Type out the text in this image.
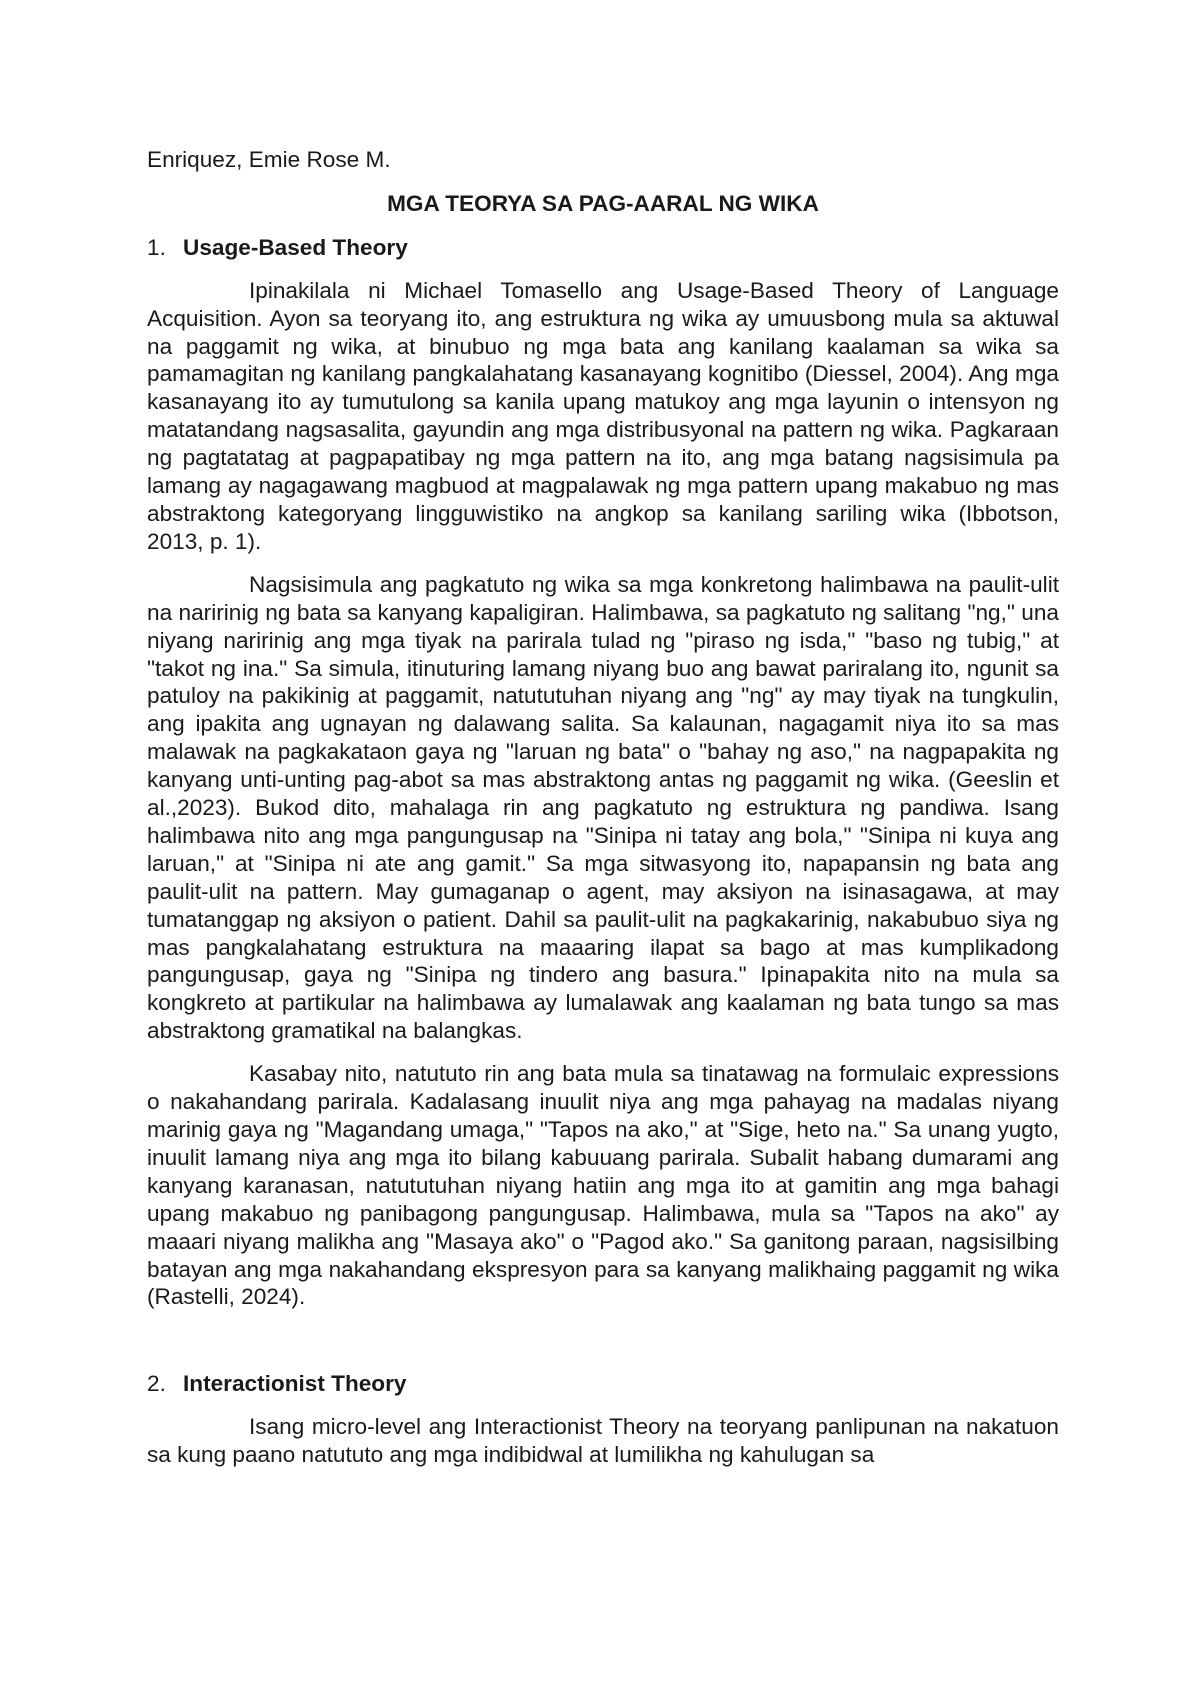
Enriquez, Emie Rose M.

MGA TEORYA SA PAG-AARAL NG WIKA

1. Usage-Based Theory

Ipinakilala ni Michael Tomasello ang Usage-Based Theory of Language Acquisition. Ayon sa teoryang ito, ang estruktura ng wika ay umuusbong mula sa aktuwal na paggamit ng wika, at binubuo ng mga bata ang kanilang kaalaman sa wika sa pamamagitan ng kanilang pangkalahatang kasanayang kognitibo (Diessel, 2004). Ang mga kasanayang ito ay tumutulong sa kanila upang matukoy ang mga layunin o intensyon ng matatandang nagsasalita, gayundin ang mga distribusyonal na pattern ng wika. Pagkaraan ng pagtatatag at pagpapatibay ng mga pattern na ito, ang mga batang nagsisimula pa lamang ay nagagawang magbuod at magpalawak ng mga pattern upang makabuo ng mas abstraktong kategoryang lingguwistiko na angkop sa kanilang sariling wika (Ibbotson, 2013, p. 1).

Nagsisimula ang pagkatuto ng wika sa mga konkretong halimbawa na paulit-ulit na naririnig ng bata sa kanyang kapaligiran. Halimbawa, sa pagkatuto ng salitang "ng," una niyang naririnig ang mga tiyak na parirala tulad ng "piraso ng isda," "baso ng tubig," at "takot ng ina." Sa simula, itinuturing lamang niyang buo ang bawat pariralang ito, ngunit sa patuloy na pakikinig at paggamit, natututuhan niyang ang "ng" ay may tiyak na tungkulin, ang ipakita ang ugnayan ng dalawang salita. Sa kalaunan, nagagamit niya ito sa mas malawak na pagkakataon gaya ng "laruan ng bata" o "bahay ng aso," na nagpapakita ng kanyang unti-unting pag-abot sa mas abstraktong antas ng paggamit ng wika. (Geeslin et al.,2023). Bukod dito, mahalaga rin ang pagkatuto ng estruktura ng pandiwa. Isang halimbawa nito ang mga pangungusap na "Sinipa ni tatay ang bola," "Sinipa ni kuya ang laruan," at "Sinipa ni ate ang gamit." Sa mga sitwasyong ito, napapansin ng bata ang paulit-ulit na pattern. May gumaganap o agent, may aksiyon na isinasagawa, at may tumatanggap ng aksiyon o patient. Dahil sa paulit-ulit na pagkakarinig, nakabubuo siya ng mas pangkalahatang estruktura na maaaring ilapat sa bago at mas kumplikadong pangungusap, gaya ng "Sinipa ng tindero ang basura." Ipinapakita nito na mula sa kongkreto at partikular na halimbawa ay lumalawak ang kaalaman ng bata tungo sa mas abstraktong gramatikal na balangkas.

Kasabay nito, natututo rin ang bata mula sa tinatawag na formulaic expressions o nakahandang parirala. Kadalasang inuulit niya ang mga pahayag na madalas niyang marinig gaya ng "Magandang umaga," "Tapos na ako," at "Sige, heto na." Sa unang yugto, inuulit lamang niya ang mga ito bilang kabuuang parirala. Subalit habang dumarami ang kanyang karanasan, natututuhan niyang hatiin ang mga ito at gamitin ang mga bahagi upang makabuo ng panibagong pangungusap. Halimbawa, mula sa "Tapos na ako" ay maaari niyang malikha ang "Masaya ako" o "Pagod ako." Sa ganitong paraan, nagsisilbing batayan ang mga nakahandang ekspresyon para sa kanyang malikhaing paggamit ng wika (Rastelli, 2024).

2. Interactionist Theory

Isang micro-level ang Interactionist Theory na teoryang panlipunan na nakatuon sa kung paano natututo ang mga indibidwal at lumilikha ng kahulugan sa
